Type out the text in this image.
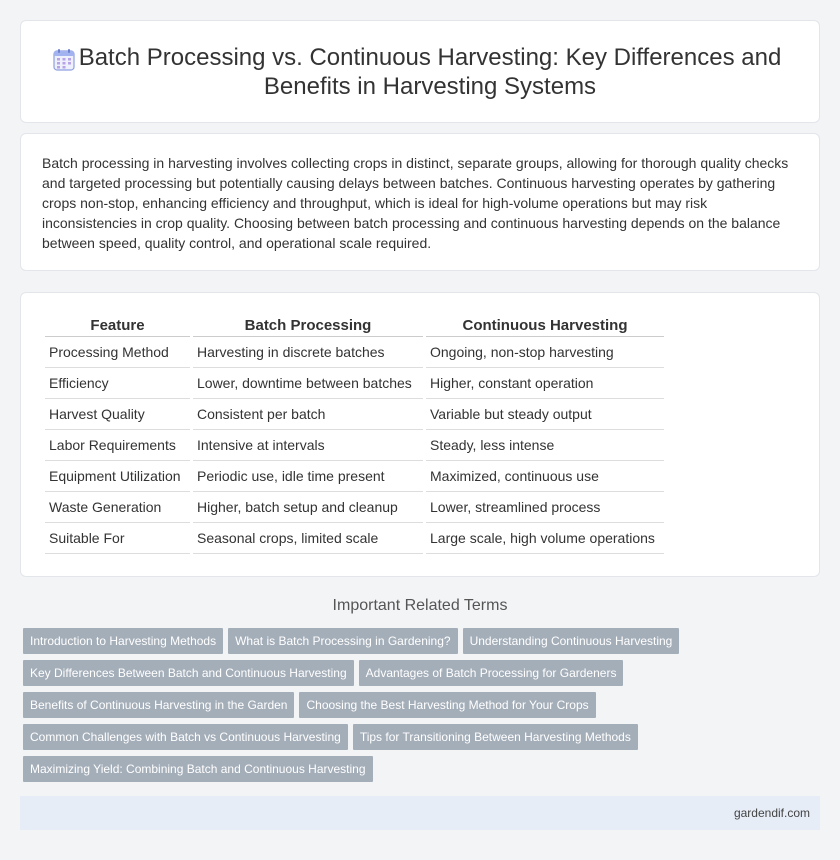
Batch Processing vs. Continuous Harvesting: Key Differences and Benefits in Harvesting Systems

Batch processing in harvesting involves collecting crops in distinct, separate groups, allowing for thorough quality checks and targeted processing but potentially causing delays between batches. Continuous harvesting operates by gathering crops non-stop, enhancing efficiency and throughput, which is ideal for high-volume operations but may risk inconsistencies in crop quality. Choosing between batch processing and continuous harvesting depends on the balance between speed, quality control, and operational scale required.

Feature	Batch Processing	Continuous Harvesting
Processing Method	Harvesting in discrete batches	Ongoing, non-stop harvesting
Efficiency	Lower, downtime between batches	Higher, constant operation
Harvest Quality	Consistent per batch	Variable but steady output
Labor Requirements	Intensive at intervals	Steady, less intense
Equipment Utilization	Periodic use, idle time present	Maximized, continuous use
Waste Generation	Higher, batch setup and cleanup	Lower, streamlined process
Suitable For	Seasonal crops, limited scale	Large scale, high volume operations
Important Related Terms
Introduction to Harvesting Methods What is Batch Processing in Gardening? Understanding Continuous Harvesting
Key Differences Between Batch and Continuous Harvesting Advantages of Batch Processing for Gardeners
Benefits of Continuous Harvesting in the Garden Choosing the Best Harvesting Method for Your Crops
Common Challenges with Batch vs Continuous Harvesting Tips for Transitioning Between Harvesting Methods
Maximizing Yield: Combining Batch and Continuous Harvesting
gardendif.com
